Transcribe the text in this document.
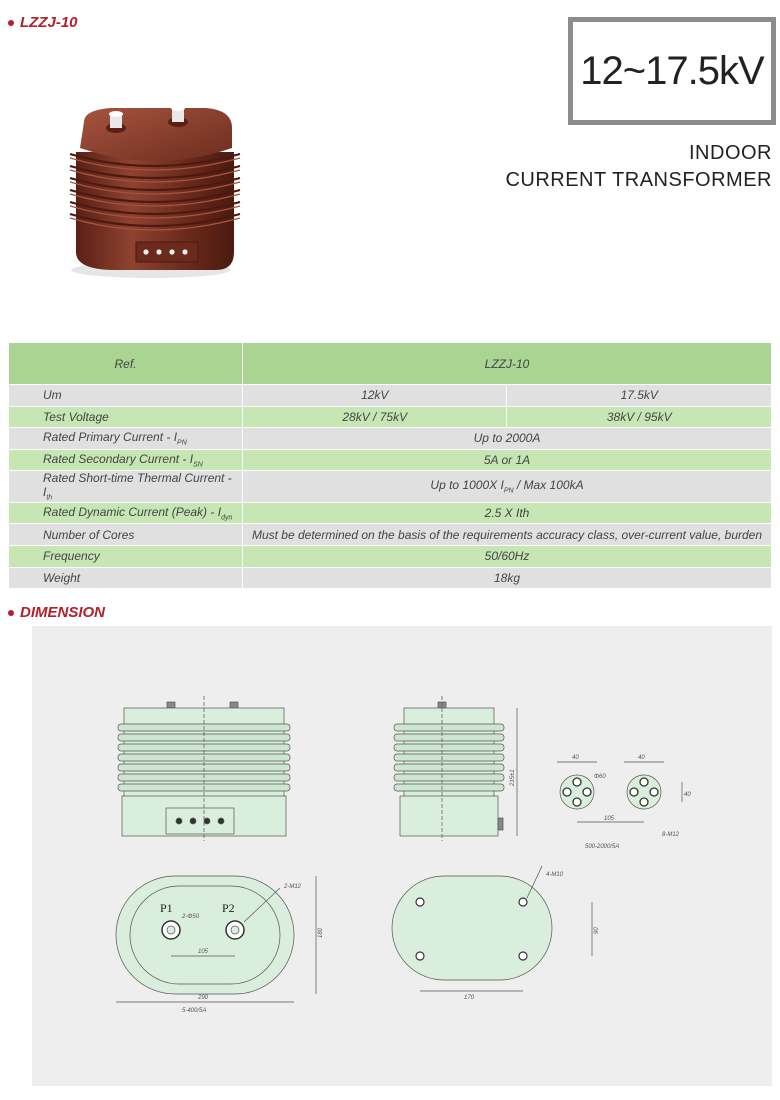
LZZJ-10
12~17.5kV
INDOOR
CURRENT TRANSFORMER
Ref.	LZZJ-10	
Um	12kV	17.5kV
Test Voltage	28kV / 75kV	38kV / 95kV
Rated Primary Current - $I_{PN}$	Up to 2000A	
Rated Secondary Current - $I_{SN}$	5A or 1A	
Rated Short-time Thermal Current - $I_{th}$	Up to 1000X $I_{PN}$ / Max 100kA	
Rated Dynamic Current (Peak) - $I_{dyn}$	2.5 X Ith	
Number of Cores	Must be determined on the basis of the requirements accuracy class, over-current value, burden	
Frequency	50/60Hz	
Weight	18kg	
DIMENSION
215±1
40	40
40
Φ60
105
8-M12
500-2000/5A
P1	P2
2-Φ50
2-M12
105
180
290
5-400/5A
4-M10
90
170
